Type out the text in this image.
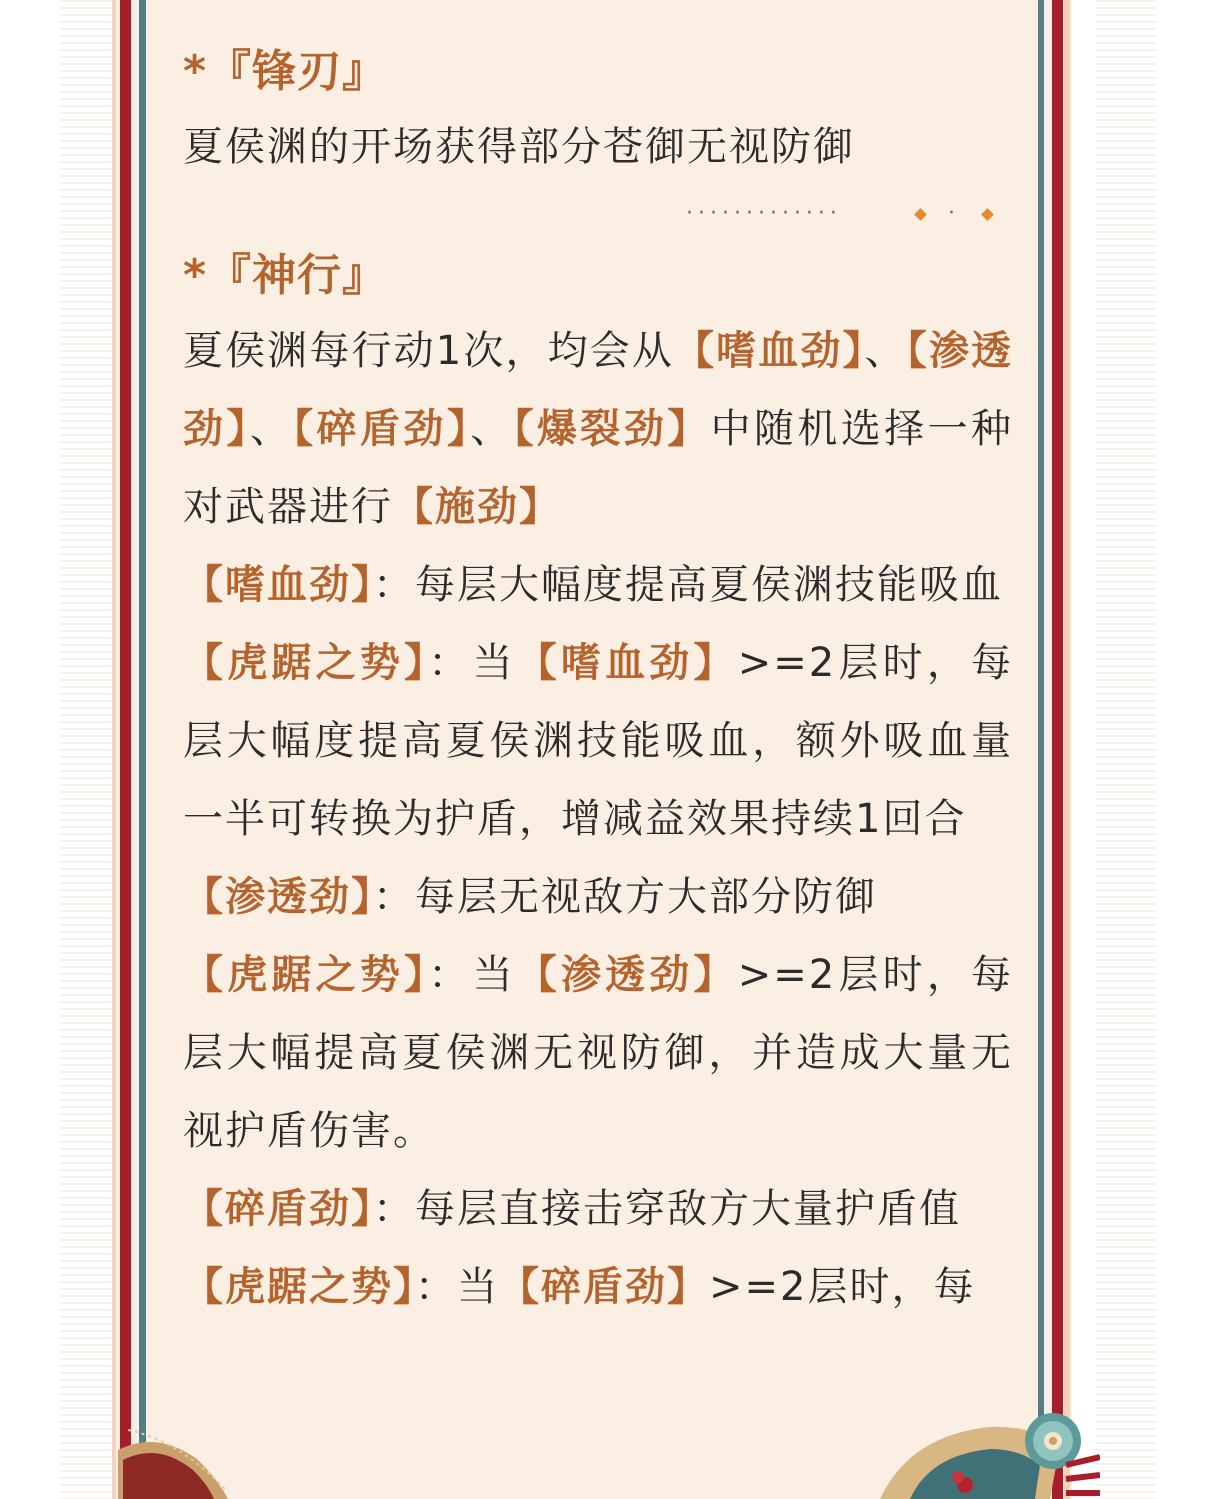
*『锋刃』
夏侯渊的开场获得部分苍御无视防御
·············	·
*『神行』
夏侯渊每行动1次，均会从【嗜血劲】、【渗透劲】、【碎盾劲】、【爆裂劲】中随机选择一种对武器进行【施劲】
【嗜血劲】：每层大幅度提高夏侯渊技能吸血
【虎踞之势】：当【嗜血劲】>=2层时，每层大幅度提高夏侯渊技能吸血，额外吸血量一半可转换为护盾，增减益效果持续1回合
【渗透劲】：每层无视敌方大部分防御
【虎踞之势】：当【渗透劲】>=2层时，每层大幅提高夏侯渊无视防御，并造成大量无视护盾伤害。
【碎盾劲】：每层直接击穿敌方大量护盾值
【虎踞之势】：当【碎盾劲】>=2层时，每
